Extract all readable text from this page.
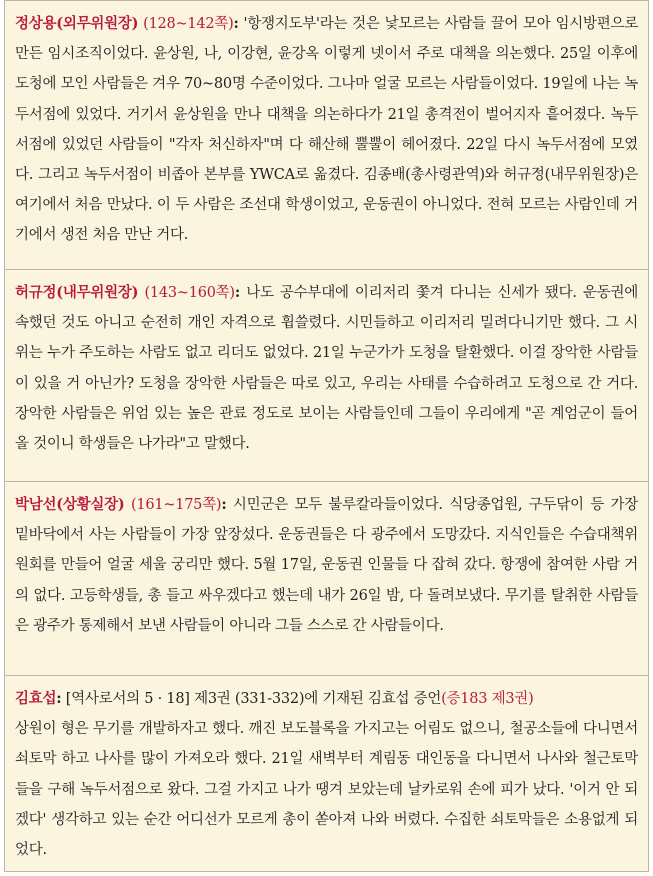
정상용(외무위원장) (128~142쪽): '항쟁지도부'라는 것은 낯모르는 사람들 끌어 모아 임시방편으로 만든 임시조직이었다. 윤상원, 나, 이강현, 윤강옥 이렇게 넷이서 주로 대책을 의논했다. 25일 이후에 도청에 모인 사람들은 겨우 70~80명 수준이었다. 그나마 얼굴 모르는 사람들이었다. 19일에 나는 녹두서점에 있었다. 거기서 윤상원을 만나 대책을 의논하다가 21일 총격전이 벌어지자 흩어졌다. 녹두서점에 있었던 사람들이 "각자 처신하자"며 다 해산해 뿔뿔이 헤어졌다. 22일 다시 녹두서점에 모였다. 그리고 녹두서점이 비좁아 본부를 YWCA로 옮겼다. 김종배(총사령관역)와 허규정(내무위원장)은 여기에서 처음 만났다. 이 두 사람은 조선대 학생이었고, 운동권이 아니었다. 전혀 모르는 사람인데 거기에서 생전 처음 만난 거다.
허규정(내무위원장) (143~160쪽): 나도 공수부대에 이리저리 쫓겨 다니는 신세가 됐다. 운동권에 속했던 것도 아니고 순전히 개인 자격으로 휩쓸렸다. 시민들하고 이리저리 밀려다니기만 했다. 그 시위는 누가 주도하는 사람도 없고 리더도 없었다. 21일 누군가가 도청을 탈환했다. 이걸 장악한 사람들이 있을 거 아닌가? 도청을 장악한 사람들은 따로 있고, 우리는 사태를 수습하려고 도청으로 간 거다. 장악한 사람들은 위엄 있는 높은 관료 정도로 보이는 사람들인데 그들이 우리에게 "곧 계엄군이 들어올 것이니 학생들은 나가라"고 말했다.
박남선(상황실장) (161~175쪽): 시민군은 모두 불루칼라들이었다. 식당종업원, 구두닦이 등 가장 밑바닥에서 사는 사람들이 가장 앞장섰다. 운동권들은 다 광주에서 도망갔다. 지식인들은 수습대책위원회를 만들어 얼굴 세울 궁리만 했다. 5월 17일, 운동권 인물들 다 잡혀 갔다. 항쟁에 참여한 사람 거의 없다. 고등학생들, 총 들고 싸우겠다고 했는데 내가 26일 밤, 다 돌려보냈다. 무기를 탈취한 사람들은 광주가 통제해서 보낸 사람들이 아니라 그들 스스로 간 사람들이다.
김효섭: [역사로서의 5 · 18] 제3권 (331-332)에 기재된 김효섭 증언(증183 제3권)
상원이 형은 무기를 개발하자고 했다. 깨진 보도블록을 가지고는 어림도 없으니, 철공소들에 다니면서 쇠토막 하고 나사를 많이 가져오라 했다. 21일 새벽부터 계림동 대인동을 다니면서 나사와 철근토막들을 구해 녹두서점으로 왔다. 그걸 가지고 나가 땡겨 보았는데 날카로워 손에 피가 났다. '이거 안 되겠다' 생각하고 있는 순간 어디선가 모르게 총이 쏟아져 나와 버렸다. 수집한 쇠토막들은 소용없게 되었다.
